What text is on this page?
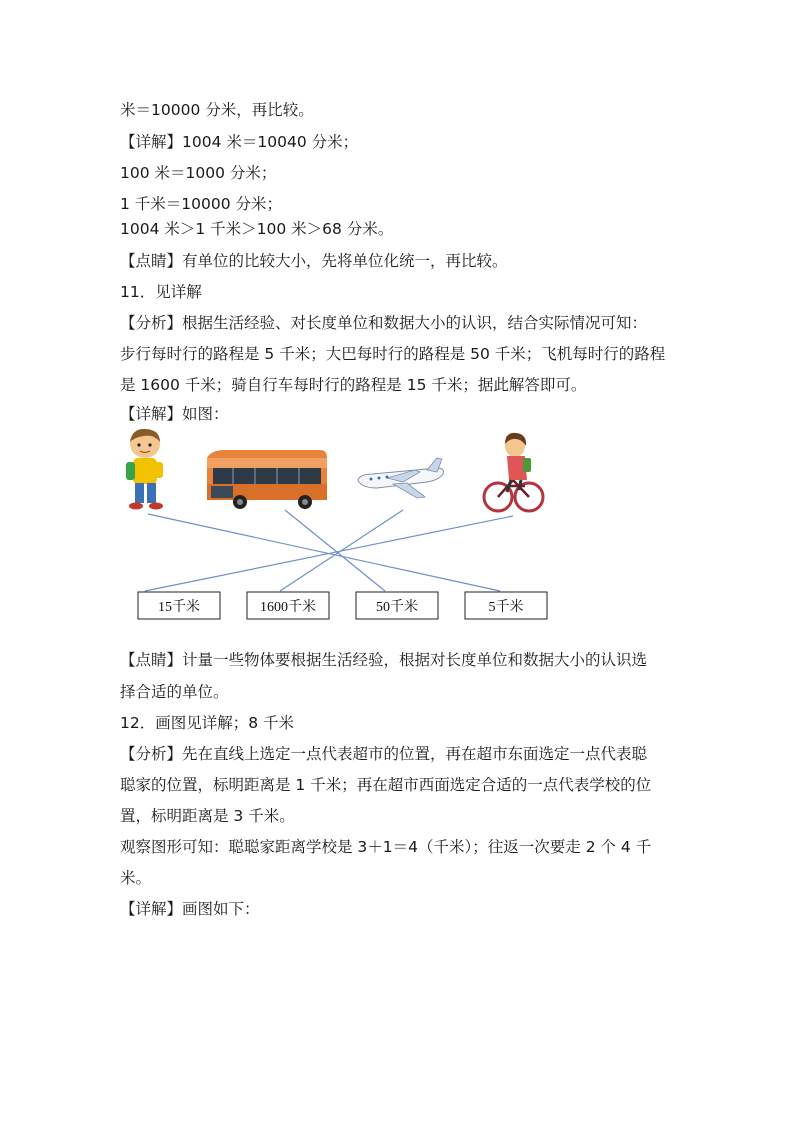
米＝10000 分米，再比较。
【详解】1004 米＝10040 分米；
100 米＝1000 分米；
1 千米＝10000 分米；
1004 米＞1 千米＞100 米＞68 分米。
【点睛】有单位的比较大小，先将单位化统一，再比较。
11．见详解
【分析】根据生活经验、对长度单位和数据大小的认识，结合实际情况可知：
步行每时行的路程是 5 千米；大巴每时行的路程是 50 千米；飞机每时行的路程
是 1600 千米；骑自行车每时行的路程是 15 千米；据此解答即可。
【详解】如图：
15千米	1600千米	50千米	5千米
【点睛】计量一些物体要根据生活经验，根据对长度单位和数据大小的认识选
择合适的单位。
12．画图见详解；8 千米
【分析】先在直线上选定一点代表超市的位置，再在超市东面选定一点代表聪
聪家的位置，标明距离是 1 千米；再在超市西面选定合适的一点代表学校的位
置，标明距离是 3 千米。
观察图形可知：聪聪家距离学校是 3＋1＝4（千米）；往返一次要走 2 个 4 千
米。
【详解】画图如下：
